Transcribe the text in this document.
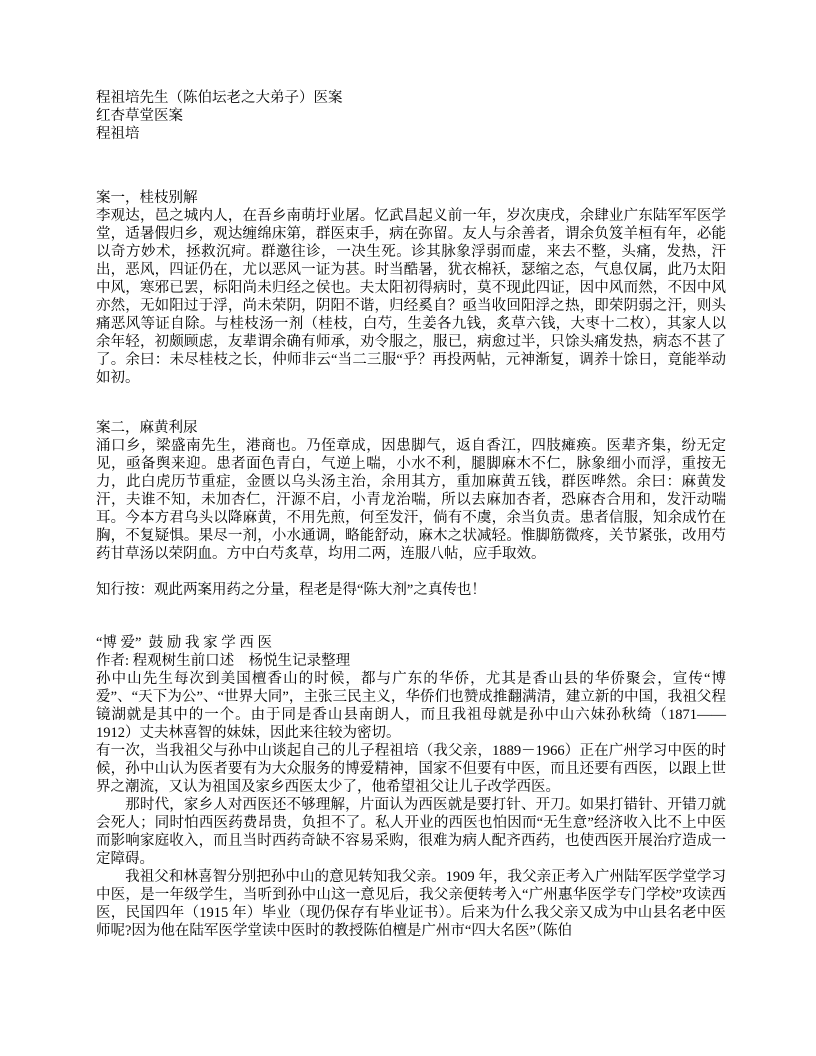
程祖培先生（陈伯坛老之大弟子）医案
红杏草堂医案
程祖培
案一，桂枝别解
李观达，邑之城内人，在吾乡南萌圩业屠。忆武昌起义前一年，岁次庚戌，余肆业广东陆军军医学堂，适暑假归乡，观达缠绵床第，群医束手，病在弥留。友人与余善者，谓余负笈羊桓有年，必能以奇方妙术，拯救沉疴。群邀往诊，一决生死。诊其脉象浮弱而虚，来去不整，头痛，发热，汗出，恶风，四证仍在，尤以恶风一证为甚。时当酷暑，犹衣棉袄，瑟缩之态，气息仅属，此乃太阳中风，寒邪已罢，标阳尚未归经之侯也。夫太阳初得病时，莫不现此四证，因中风而然，不因中风亦然，无如阳过于浮，尚未荣阴，阴阳不谐，归经奚自？亟当收回阳浮之热，即荣阴弱之汗，则头痛恶风等证自除。与桂枝汤一剂（桂枝，白芍，生姜各九钱，炙草六钱，大枣十二枚），其家人以余年轻，初颇顾虑，友辈谓余确有师承，劝令服之，服已，病愈过半，只馀头痛发热，病态不甚了了。余曰：未尽桂枝之长，仲师非云“当二三服“乎？再投两帖，元神渐复，调养十馀日，竟能举动如初。
案二，麻黄利尿
涌口乡，梁盛南先生，港商也。乃侄章成，因患脚气，返自香江，四肢瘫痪。医辈齐集，纷无定见，亟备舆来迎。患者面色青白，气逆上喘，小水不利，腿脚麻木不仁，脉象细小而浮，重按无力，此白虎历节重症，金匮以乌头汤主治，余用其方，重加麻黄五钱，群医哗然。余曰：麻黄发汗，夫谁不知，未加杏仁，汗源不启，小青龙治喘，所以去麻加杏者，恐麻杏合用和，发汗动喘耳。今本方君乌头以降麻黄，不用先煎，何至发汗，倘有不虞，余当负责。患者信服，知余成竹在胸，不复疑惧。果尽一剂，小水通调，略能舒动，麻木之状减轻。惟脚筋微疼，关节紧张，改用芍药甘草汤以荣阴血。方中白芍炙草，均用二两，连服八帖，应手取效。
知行按：观此两案用药之分量，程老是得“陈大剂”之真传也！
“博 爱”  鼓 励 我 家 学 西 医
作者: 程观树生前口述　杨悦生记录整理

孙中山先生每次到美国檀香山的时候，都与广东的华侨，尤其是香山县的华侨聚会，宣传“博爱”、“天下为公”、“世界大同”，主张三民主义，华侨们也赞成推翻满清，建立新的中国，我祖父程镜湖就是其中的一个。由于同是香山县南朗人，而且我祖母就是孙中山六妹孙秋绮（1871——1912）丈夫林喜智的妹妹，因此来往较为密切。

有一次，当我祖父与孙中山谈起自己的儿子程祖培（我父亲，1889－1966）正在广州学习中医的时候，孙中山认为医者要有为大众服务的博爱精神，国家不但要有中医，而且还要有西医，以跟上世界之潮流，又认为祖国及家乡西医太少了，他希望祖父让儿子改学西医。

　　那时代，家乡人对西医还不够理解，片面认为西医就是要打针、开刀。如果打错针、开错刀就会死人；同时怕西医药费昂贵，负担不了。私人开业的西医也怕因而“无生意”经济收入比不上中医而影响家庭收入，而且当时西药奇缺不容易采购，很难为病人配齐西药，也使西医开展治疗造成一定障碍。

　　我祖父和林喜智分别把孙中山的意见转知我父亲。1909 年，我父亲正考入广州陆军医学堂学习中医，是一年级学生，当听到孙中山这一意见后，我父亲便转考入“广州惠华医学专门学校”攻读西医，民国四年（1915 年）毕业（现仍保存有毕业证书）。后来为什么我父亲又成为中山县名老中医师呢?因为他在陆军医学堂读中医时的教授陈伯檀是广州市“四大名医”（陈伯
